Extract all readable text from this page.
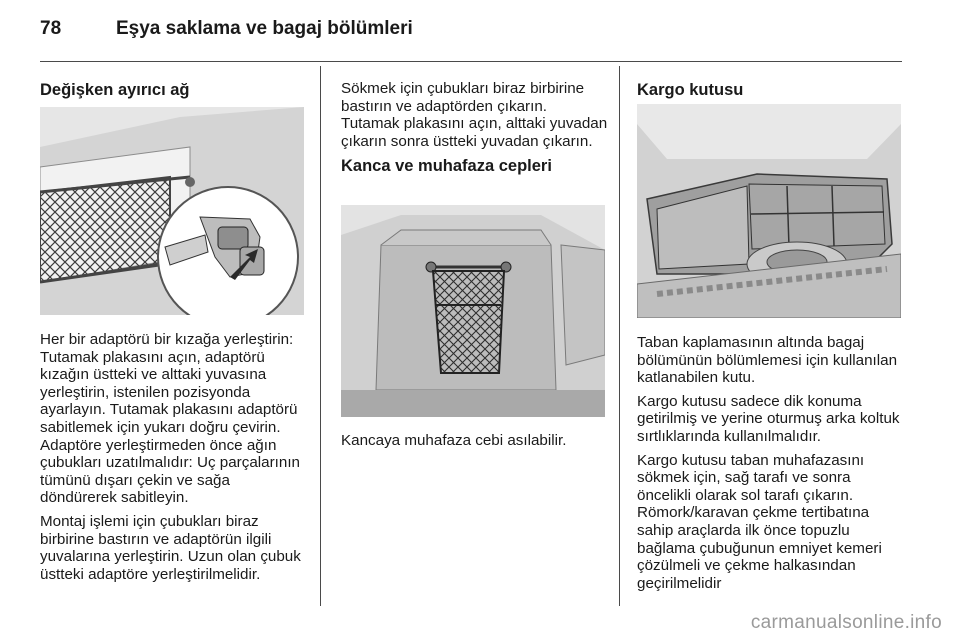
78	Eşya saklama ve bagaj bölümleri
Değişken ayırıcı ağ

Her bir adaptörü bir kızağa yerleştirin: Tutamak plakasını açın, adaptörü kızağın üstteki ve alttaki yuvasına yerleştirin, istenilen pozisyonda ayarlayın. Tutamak plakasını adaptörü sabitlemek için yukarı doğru çevirin. Adaptöre yerleştirmeden önce ağın çubukları uzatılmalıdır: Uç parçalarının tümünü dışarı çekin ve sağa döndürerek sabitleyin.

Montaj işlemi için çubukları biraz birbirine bastırın ve adaptörün ilgili yuvalarına yerleştirin. Uzun olan çubuk üstteki adaptöre yerleştirilmelidir.

Sökmek için çubukları biraz birbirine bastırın ve adaptörden çıkarın. Tutamak plakasını açın, alttaki yuvadan çıkarın sonra üstteki yuvadan çıkarın.

Kanca ve muhafaza cepleri

Kancaya muhafaza cebi asılabilir.

Kargo kutusu

Taban kaplamasının altında bagaj bölümünün bölümlemesi için kullanılan katlanabilen kutu.

Kargo kutusu sadece dik konuma getirilmiş ve yerine oturmuş arka koltuk sırtlıklarında kullanılmalıdır.

Kargo kutusu taban muhafazasını sökmek için, sağ tarafı ve sonra öncelikli olarak sol tarafı çıkarın. Römork/karavan çekme tertibatına sahip araçlarda ilk önce topuzlu bağlama çubuğunun emniyet kemeri çözülmeli ve çekme halkasından geçirilmelidir

carmanualsonline.info
